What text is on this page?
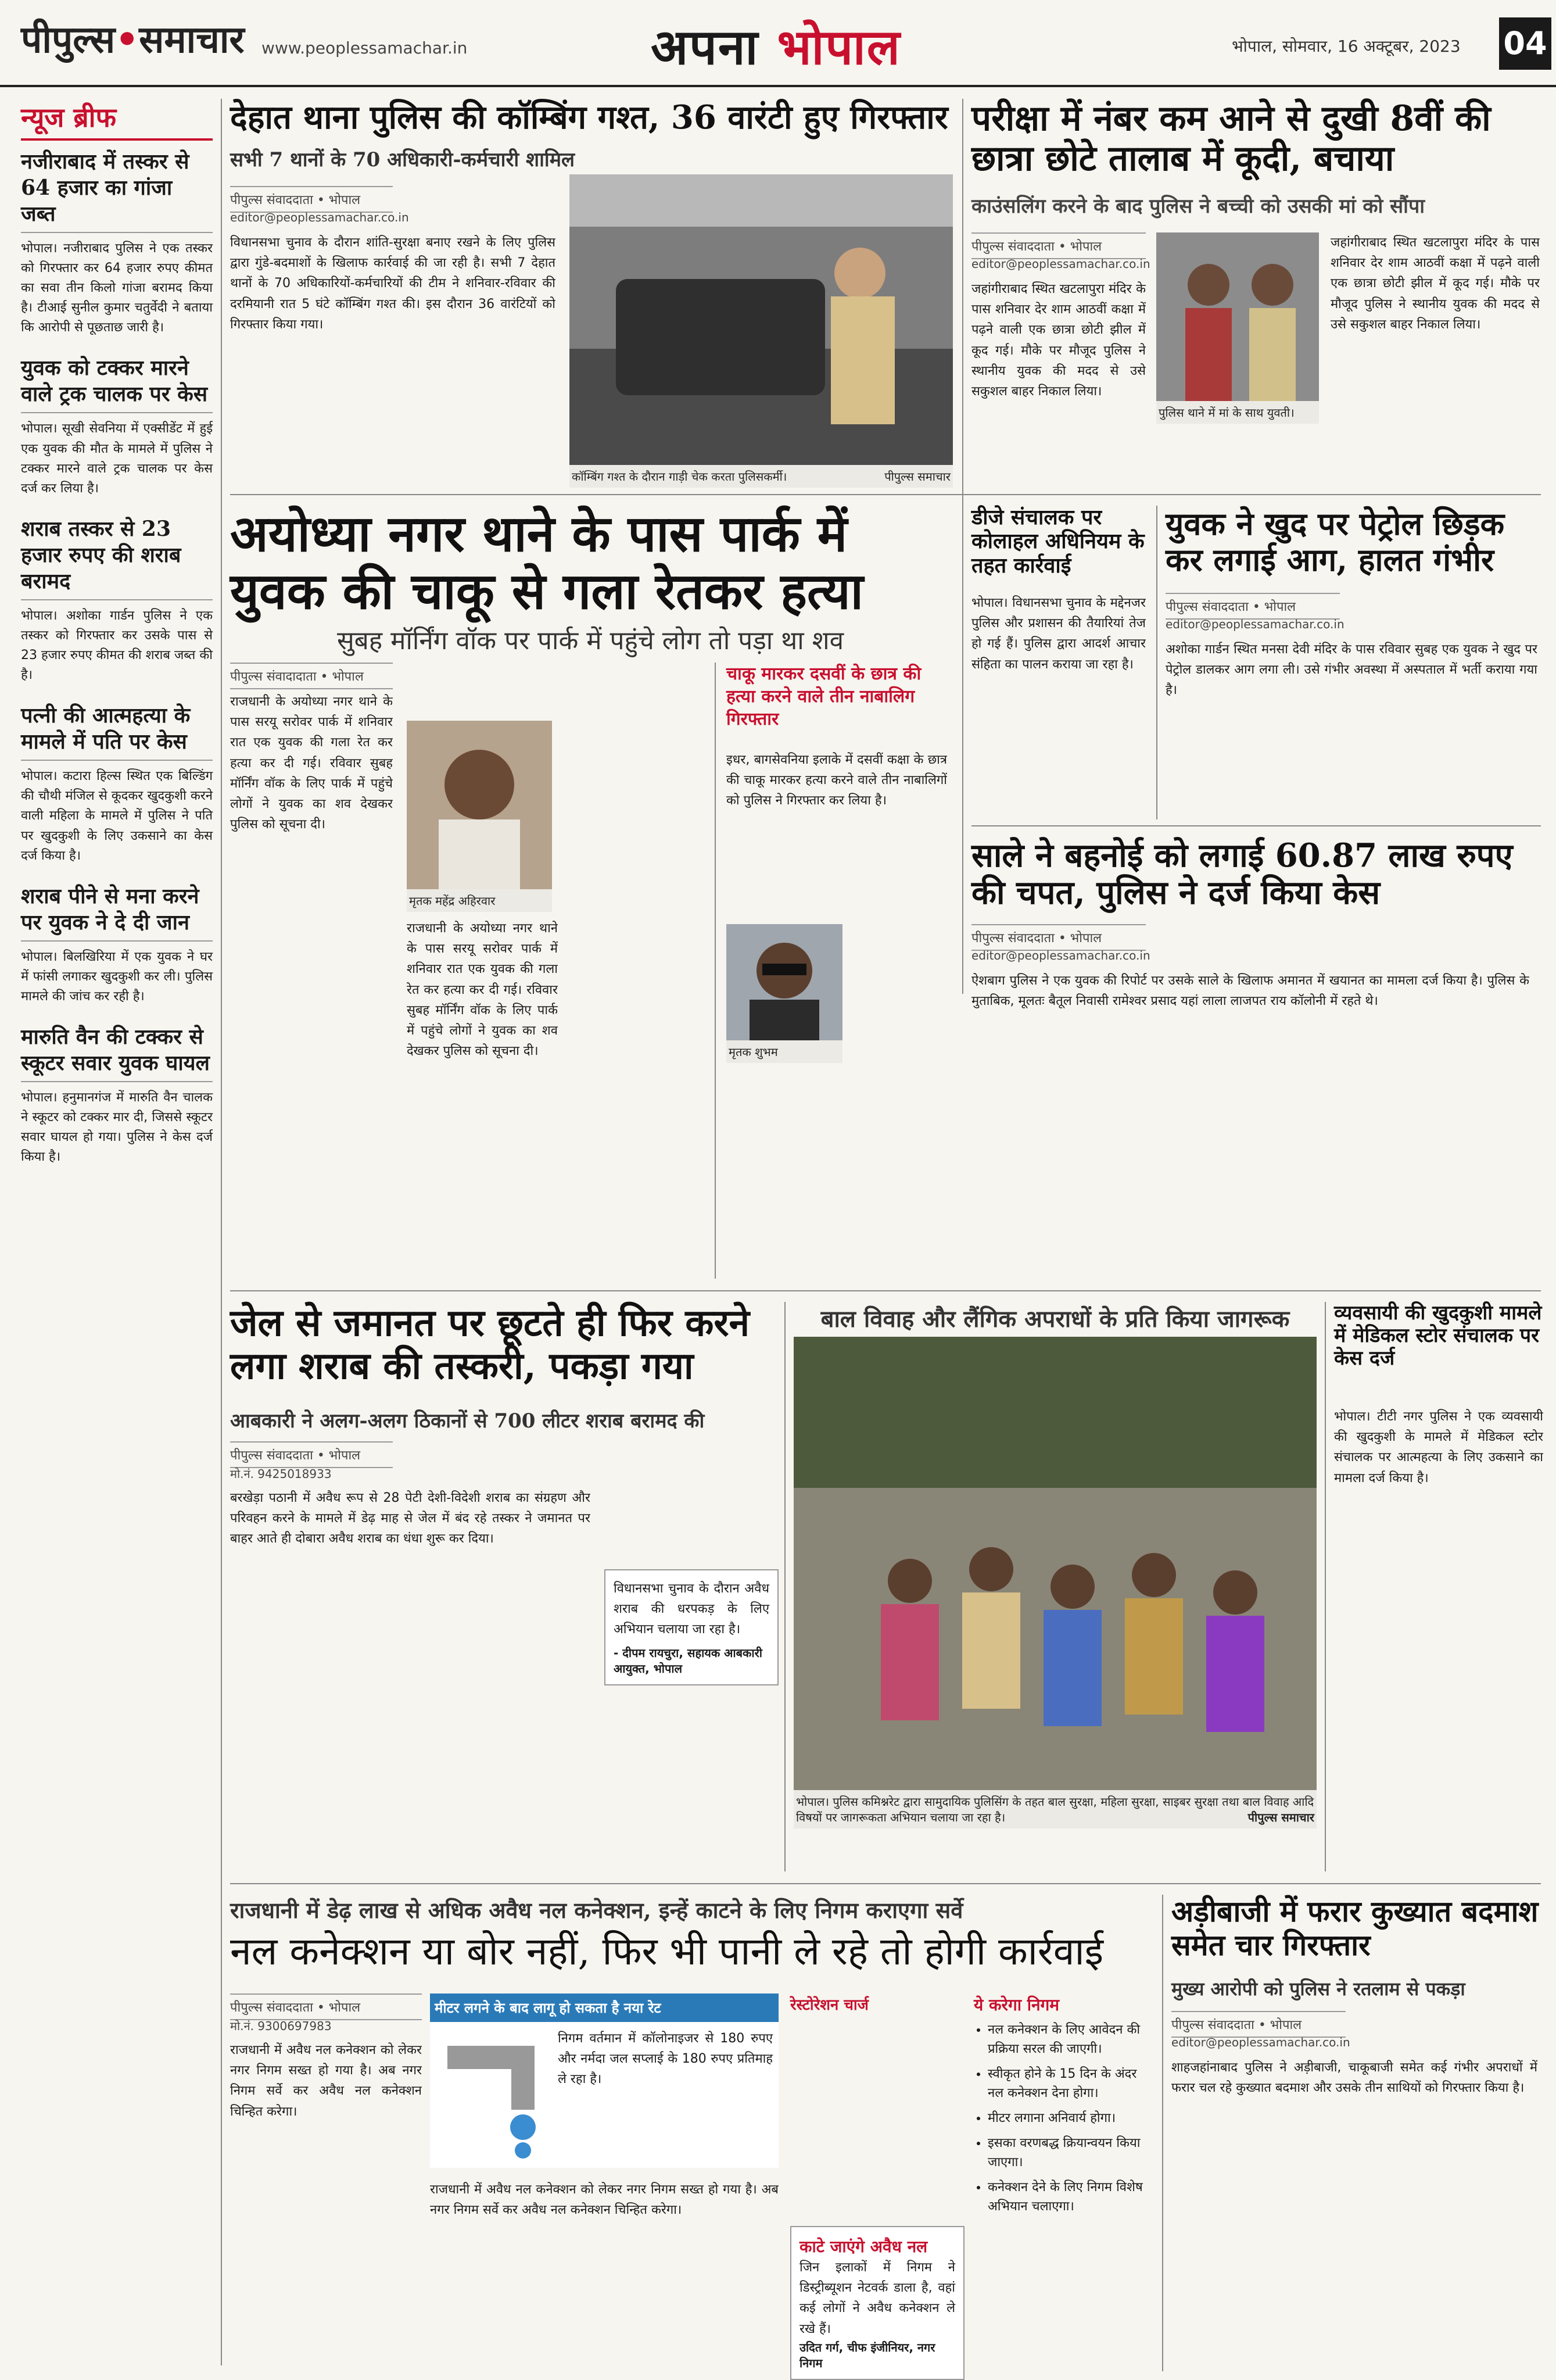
पीपुल्स•समाचार www.peoplessamachar.in	अपना भोपाल	भोपाल, सोमवार, 16 अक्टूबर, 2023 04
न्यूज ब्रीफ
नजीराबाद में तस्कर से 64 हजार का गांजा जब्त

भोपाल। नजीराबाद पुलिस ने एक तस्कर को गिरफ्तार कर 64 हजार रुपए कीमत का सवा तीन किलो गांजा बरामद किया है। टीआई सुनील कुमार चतुर्वेदी ने बताया कि आरोपी से पूछताछ जारी है।

युवक को टक्कर मारने वाले ट्रक चालक पर केस

भोपाल। सूखी सेवनिया में एक्सीडेंट में हुई एक युवक की मौत के मामले में पुलिस ने टक्कर मारने वाले ट्रक चालक पर केस दर्ज कर लिया है।

शराब तस्कर से 23 हजार रुपए की शराब बरामद

भोपाल। अशोका गार्डन पुलिस ने एक तस्कर को गिरफ्तार कर उसके पास से 23 हजार रुपए कीमत की शराब जब्त की है।

पत्नी की आत्महत्या के मामले में पति पर केस

भोपाल। कटारा हिल्स स्थित एक बिल्डिंग की चौथी मंजिल से कूदकर खुदकुशी करने वाली महिला के मामले में पुलिस ने पति पर खुदकुशी के लिए उकसाने का केस दर्ज किया है।

शराब पीने से मना करने पर युवक ने दे दी जान

भोपाल। बिलखिरिया में एक युवक ने घर में फांसी लगाकर खुदकुशी कर ली। पुलिस मामले की जांच कर रही है।

मारुति वैन की टक्कर से स्कूटर सवार युवक घायल

भोपाल। हनुमानगंज में मारुति वैन चालक ने स्कूटर को टक्कर मार दी, जिससे स्कूटर सवार घायल हो गया। पुलिस ने केस दर्ज किया है।

देहात थाना पुलिस की कॉम्बिंग गश्त, 36 वारंटी हुए गिरफ्तार
सभी 7 थानों के 70 अधिकारी-कर्मचारी शामिल
पीपुल्स संवाददाता • भोपाल
editor@peoplessamachar.co.in
विधानसभा चुनाव के दौरान शांति-सुरक्षा बनाए रखने के लिए पुलिस द्वारा गुंडे-बदमाशों के खिलाफ कार्रवाई की जा रही है। सभी 7 देहात थानों के 70 अधिकारियों-कर्मचारियों की टीम ने शनिवार-रविवार की दरमियानी रात 5 घंटे कॉम्बिंग गश्त की। इस दौरान 36 वारंटियों को गिरफ्तार किया गया।
कॉम्बिंग गश्त के दौरान गाड़ी चेक करता पुलिसकर्मी।	पीपुल्स समाचार
परीक्षा में नंबर कम आने से दुखी 8वीं की छात्रा छोटे तालाब में कूदी, बचाया
काउंसलिंग करने के बाद पुलिस ने बच्ची को उसकी मां को सौंपा
पीपुल्स संवाददाता • भोपाल
editor@peoplessamachar.co.in
जहांगीराबाद स्थित खटलापुरा मंदिर के पास शनिवार देर शाम आठवीं कक्षा में पढ़ने वाली एक छात्रा छोटी झील में कूद गई। मौके पर मौजूद पुलिस ने स्थानीय युवक की मदद से उसे सकुशल बाहर निकाल लिया।
पुलिस थाने में मां के साथ युवती।
जहांगीराबाद स्थित खटलापुरा मंदिर के पास शनिवार देर शाम आठवीं कक्षा में पढ़ने वाली एक छात्रा छोटी झील में कूद गई। मौके पर मौजूद पुलिस ने स्थानीय युवक की मदद से उसे सकुशल बाहर निकाल लिया।
अयोध्या नगर थाने के पास पार्क में युवक की चाकू से गला रेतकर हत्या
सुबह मॉर्निंग वॉक पर पार्क में पहुंचे लोग तो पड़ा था शव
पीपुल्स संवादादाता • भोपाल
राजधानी के अयोध्या नगर थाने के पास सरयू सरोवर पार्क में शनिवार रात एक युवक की गला रेत कर हत्या कर दी गई। रविवार सुबह मॉर्निंग वॉक के लिए पार्क में पहुंचे लोगों ने युवक का शव देखकर पुलिस को सूचना दी।
मृतक महेंद्र अहिरवार
राजधानी के अयोध्या नगर थाने के पास सरयू सरोवर पार्क में शनिवार रात एक युवक की गला रेत कर हत्या कर दी गई। रविवार सुबह मॉर्निंग वॉक के लिए पार्क में पहुंचे लोगों ने युवक का शव देखकर पुलिस को सूचना दी।
चाकू मारकर दसवीं के छात्र की हत्या करने वाले तीन नाबालिग गिरफ्तार
इधर, बागसेवनिया इलाके में दसवीं कक्षा के छात्र की चाकू मारकर हत्या करने वाले तीन नाबालिगों को पुलिस ने गिरफ्तार कर लिया है।
मृतक शुभम
डीजे संचालक पर कोलाहल अधिनियम के तहत कार्रवाई
भोपाल। विधानसभा चुनाव के मद्देनजर पुलिस और प्रशासन की तैयारियां तेज हो गई हैं। पुलिस द्वारा आदर्श आचार संहिता का पालन कराया जा रहा है।
युवक ने खुद पर पेट्रोल छिड़क कर लगाई आग, हालत गंभीर
पीपुल्स संवाददाता • भोपाल
editor@peoplessamachar.co.in
अशोका गार्डन स्थित मनसा देवी मंदिर के पास रविवार सुबह एक युवक ने खुद पर पेट्रोल डालकर आग लगा ली। उसे गंभीर अवस्था में अस्पताल में भर्ती कराया गया है।
साले ने बहनोई को लगाई 60.87 लाख रुपए की चपत, पुलिस ने दर्ज किया केस
पीपुल्स संवाददाता • भोपाल
editor@peoplessamachar.co.in
ऐशबाग पुलिस ने एक युवक की रिपोर्ट पर उसके साले के खिलाफ अमानत में खयानत का मामला दर्ज किया है। पुलिस के मुताबिक, मूलतः बैतूल निवासी रामेश्वर प्रसाद यहां लाला लाजपत राय कॉलोनी में रहते थे।
जेल से जमानत पर छूटते ही फिर करने लगा शराब की तस्करी, पकड़ा गया
आबकारी ने अलग-अलग ठिकानों से 700 लीटर शराब बरामद की
पीपुल्स संवाददाता • भोपाल
मो.नं. 9425018933
बरखेड़ा पठानी में अवैध रूप से 28 पेटी देशी-विदेशी शराब का संग्रहण और परिवहन करने के मामले में डेढ़ माह से जेल में बंद रहे तस्कर ने जमानत पर बाहर आते ही दोबारा अवैध शराब का धंधा शुरू कर दिया।
विधानसभा चुनाव के दौरान अवैध शराब की धरपकड़ के लिए अभियान चलाया जा रहा है।
- दीपम रायचुरा, सहायक आबकारी आयुक्त, भोपाल
बाल विवाह और लैंगिक अपराधों के प्रति किया जागरूक
भोपाल। पुलिस कमिश्नरेट द्वारा सामुदायिक पुलिसिंग के तहत बाल सुरक्षा, महिला सुरक्षा, साइबर सुरक्षा तथा बाल विवाह आदि विषयों पर जागरूकता अभियान चलाया जा रहा है।	पीपुल्स समाचार
व्यवसायी की खुदकुशी मामले में मेडिकल स्टोर संचालक पर केस दर्ज
भोपाल। टीटी नगर पुलिस ने एक व्यवसायी की खुदकुशी के मामले में मेडिकल स्टोर संचालक पर आत्महत्या के लिए उकसाने का मामला दर्ज किया है।
राजधानी में डेढ़ लाख से अधिक अवैध नल कनेक्शन, इन्हें काटने के लिए निगम कराएगा सर्वे
नल कनेक्शन या बोर नहीं, फिर भी पानी ले रहे तो होगी कार्रवाई
पीपुल्स संवाददाता • भोपाल
मो.नं. 9300697983
राजधानी में अवैध नल कनेक्शन को लेकर नगर निगम सख्त हो गया है। अब नगर निगम सर्वे कर अवैध नल कनेक्शन चिन्हित करेगा।
मीटर लगने के बाद लागू हो सकता है नया रेट
निगम वर्तमान में कॉलोनाइजर से 180 रुपए और नर्मदा जल सप्लाई के 180 रुपए प्रतिमाह ले रहा है।
राजधानी में अवैध नल कनेक्शन को लेकर नगर निगम सख्त हो गया है। अब नगर निगम सर्वे कर अवैध नल कनेक्शन चिन्हित करेगा।
रेस्टोरेशन चार्ज
काटे जाएंगे अवैध नल
जिन इलाकों में निगम ने डिस्ट्रीब्यूशन नेटवर्क डाला है, वहां कई लोगों ने अवैध कनेक्शन ले रखे हैं।
उदित गर्ग, चीफ इंजीनियर, नगर निगम
ये करेगा निगम
• नल कनेक्शन के लिए आवेदन की प्रक्रिया सरल की जाएगी।
• स्वीकृत होने के 15 दिन के अंदर नल कनेक्शन देना होगा।
• मीटर लगाना अनिवार्य होगा।
• इसका वरणबद्ध क्रियान्वयन किया जाएगा।
• कनेक्शन देने के लिए निगम विशेष अभियान चलाएगा।
अड़ीबाजी में फरार कुख्यात बदमाश समेत चार गिरफ्तार
मुख्य आरोपी को पुलिस ने रतलाम से पकड़ा
पीपुल्स संवाददाता • भोपाल
editor@peoplessamachar.co.in
शाहजहांनाबाद पुलिस ने अड़ीबाजी, चाकूबाजी समेत कई गंभीर अपराधों में फरार चल रहे कुख्यात बदमाश और उसके तीन साथियों को गिरफ्तार किया है।
